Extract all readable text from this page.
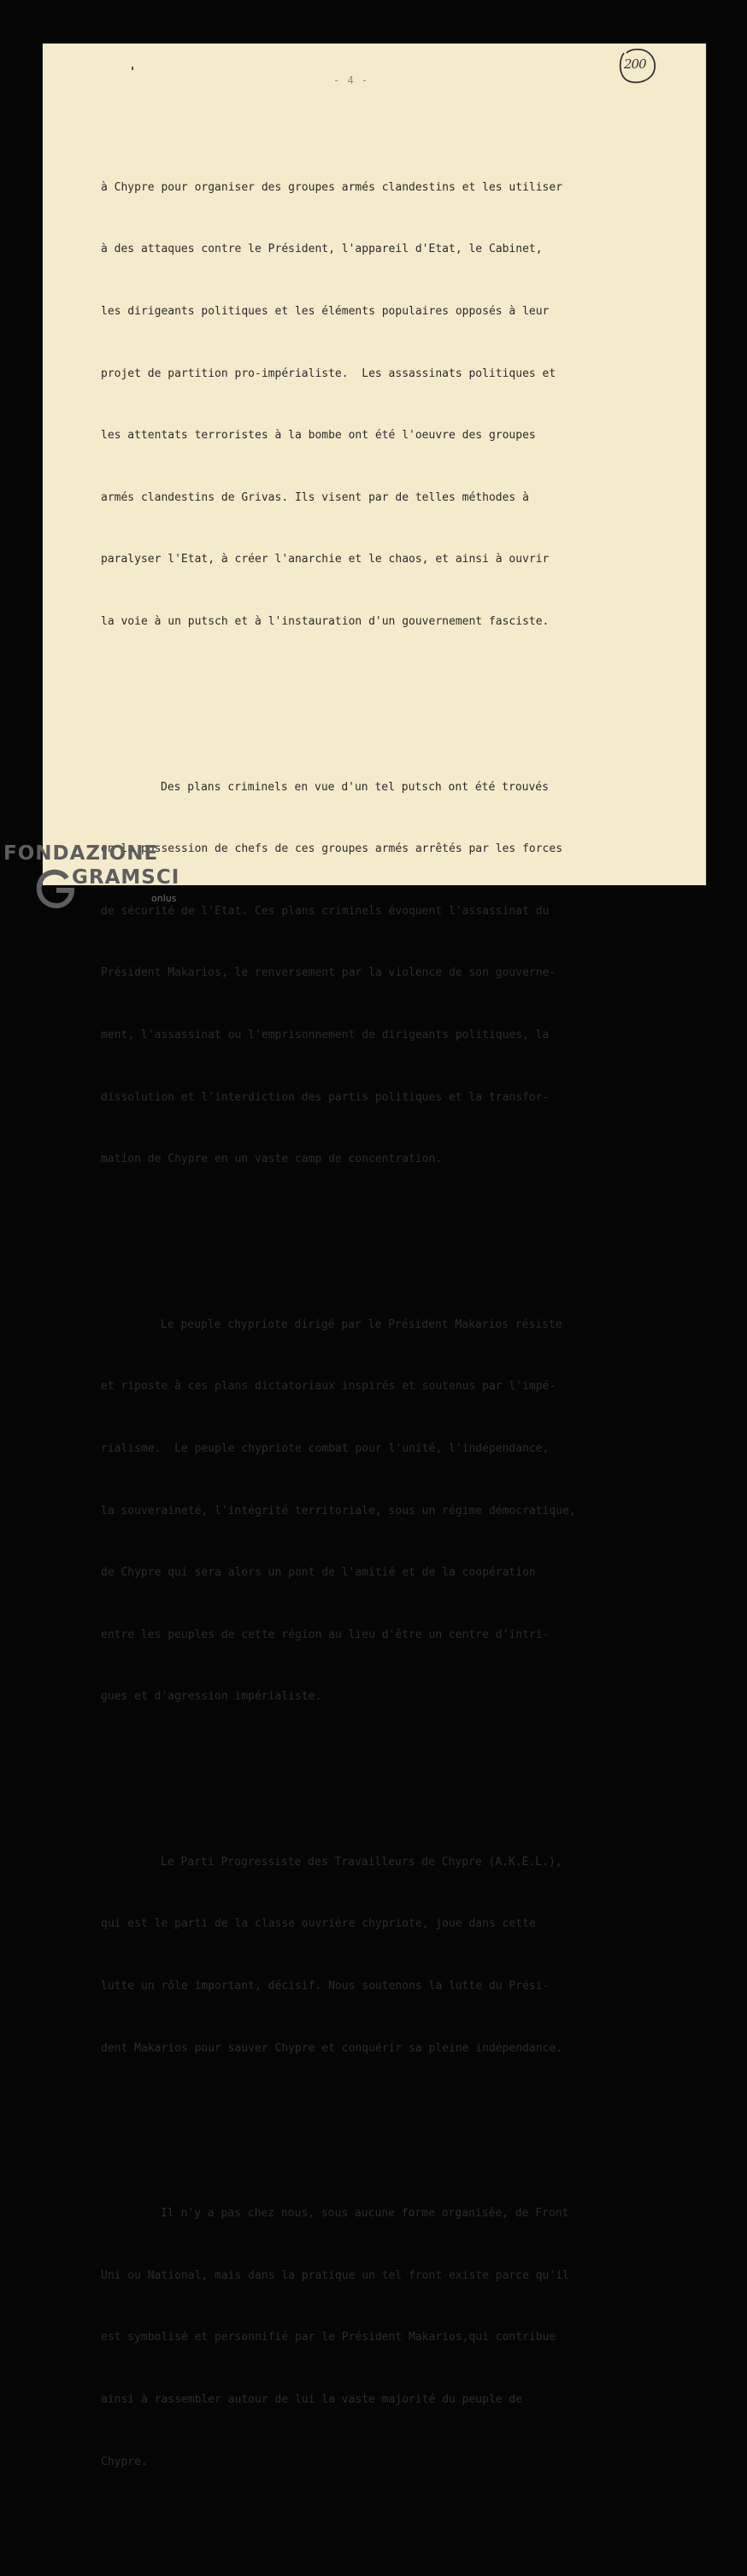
- 4 -
200

à Chypre pour organiser des groupes armés clandestins et les utiliser

à des attaques contre le Président, l'appareil d'Etat, le Cabinet,

les dirigeants politiques et les éléments populaires opposés à leur

projet de partition pro-impérialiste.  Les assassinats politiques et

les attentats terroristes à la bombe ont été l'oeuvre des groupes

armés clandestins de Grivas. Ils visent par de telles méthodes à

paralyser l'Etat, à créer l'anarchie et le chaos, et ainsi à ouvrir

la voie à un putsch et à l'instauration d'un gouvernement fasciste.

Des plans criminels en vue d'un tel putsch ont été trouvés

en la possession de chefs de ces groupes armés arrêtés par les forces

de sécurité de l'Etat. Ces plans criminels évoquent l'assassinat du

Président Makarios, le renversement par la violence de son gouverne-

ment, l'assassinat ou l'emprisonnement de dirigeants politiques, la

dissolution et l'interdiction des partis politiques et la transfor-

mation de Chypre en un vaste camp de concentration.

Le peuple chypriote dirigé par le Président Makarios résiste

et riposte à ces plans dictatoriaux inspirés et soutenus par l'impé-

rialisme.  Le peuple chypriote combat pour l'unité, l'indépendance,

la souveraineté, l'intégrité territoriale, sous un régime démocratique,

de Chypre qui sera alors un pont de l'amitié et de la coopération

entre les peuples de cette région au lieu d'être un centre d'intri-

gues et d'agression impérialiste.

Le Parti Progressiste des Travailleurs de Chypre (A.K.E.L.),

qui est le parti de la classe ouvrière chypriote, joue dans cette

lutte un rôle important, décisif. Nous soutenons la lutte du Prési-

dent Makarios pour sauver Chypre et conquérir sa pleine indépendance.

Il n'y a pas chez nous, sous aucune forme organisée, de Front

Uni ou National, mais dans la pratique un tel front existe parce qu'il

est symbolisé et personnifié par le Président Makarios,qui contribue

ainsi à rassembler autour de lui la vaste majorité du peuple de

Chypre.

FONDAZIONE
GRAMSCI
onlus
